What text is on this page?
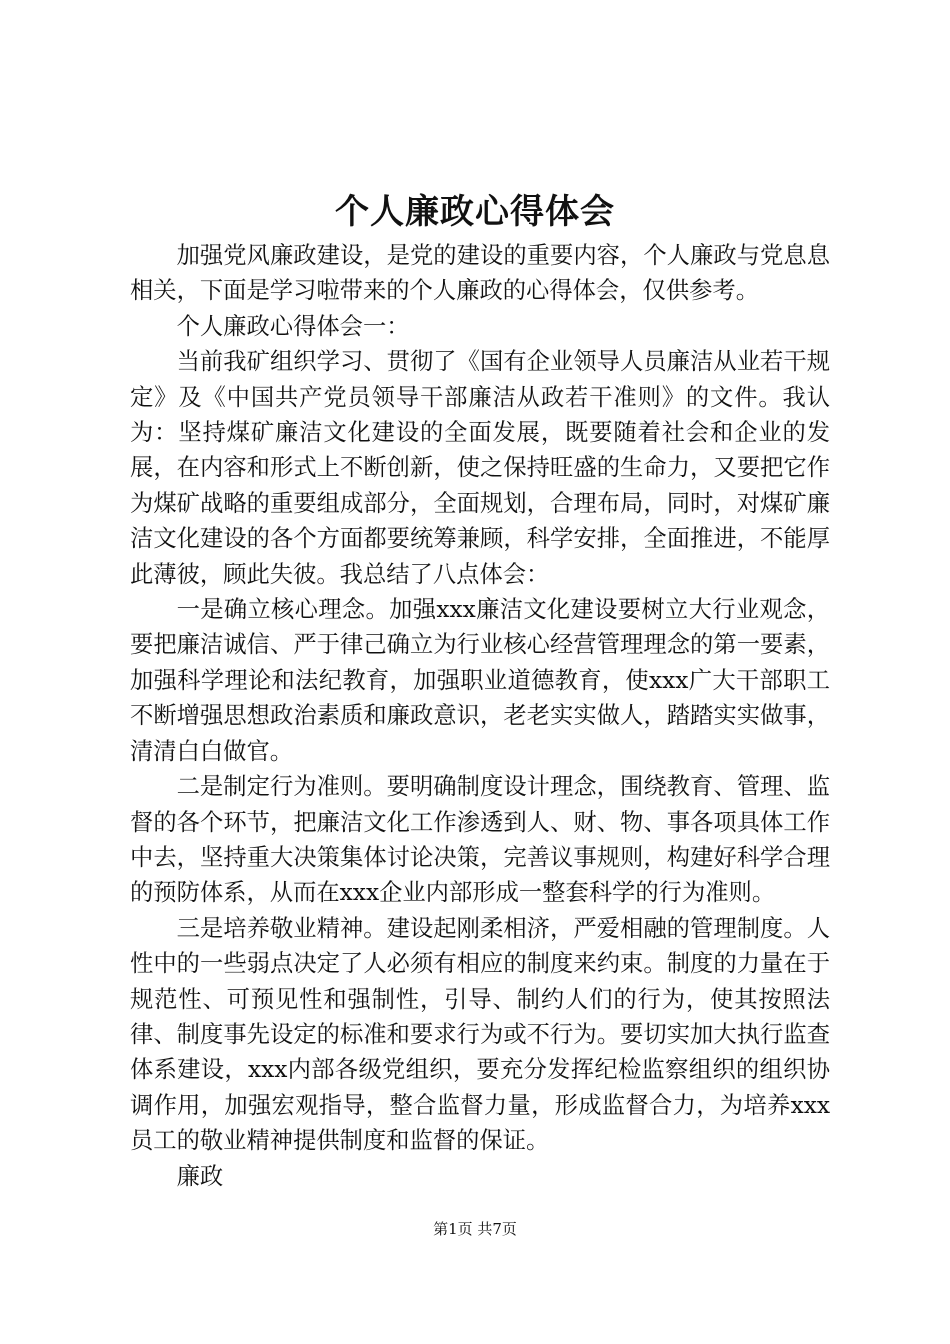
个人廉政心得体会

加强党风廉政建设，是党的建设的重要内容，个人廉政与党息息相关，下面是学习啦带来的个人廉政的心得体会，仅供参考。

个人廉政心得体会一：

当前我矿组织学习、贯彻了《国有企业领导人员廉洁从业若干规定》及《中国共产党员领导干部廉洁从政若干准则》的文件。我认为：坚持煤矿廉洁文化建设的全面发展，既要随着社会和企业的发展，在内容和形式上不断创新，使之保持旺盛的生命力，又要把它作为煤矿战略的重要组成部分，全面规划，合理布局，同时，对煤矿廉洁文化建设的各个方面都要统筹兼顾，科学安排，全面推进，不能厚此薄彼，顾此失彼。我总结了八点体会：

一是确立核心理念。加强xxx廉洁文化建设要树立大行业观念，要把廉洁诚信、严于律己确立为行业核心经营管理理念的第一要素，加强科学理论和法纪教育，加强职业道德教育，使xxx广大干部职工不断增强思想政治素质和廉政意识，老老实实做人，踏踏实实做事，清清白白做官。

二是制定行为准则。要明确制度设计理念，围绕教育、管理、监督的各个环节，把廉洁文化工作渗透到人、财、物、事各项具体工作中去，坚持重大决策集体讨论决策，完善议事规则，构建好科学合理的预防体系，从而在xxx企业内部形成一整套科学的行为准则。

三是培养敬业精神。建设起刚柔相济，严爱相融的管理制度。人性中的一些弱点决定了人必须有相应的制度来约束。制度的力量在于规范性、可预见性和强制性，引导、制约人们的行为，使其按照法律、制度事先设定的标准和要求行为或不行为。要切实加大执行监查体系建设，xxx内部各级党组织，要充分发挥纪检监察组织的组织协调作用，加强宏观指导，整合监督力量，形成监督合力，为培养xxx员工的敬业精神提供制度和监督的保证。

廉政

第1页 共7页
